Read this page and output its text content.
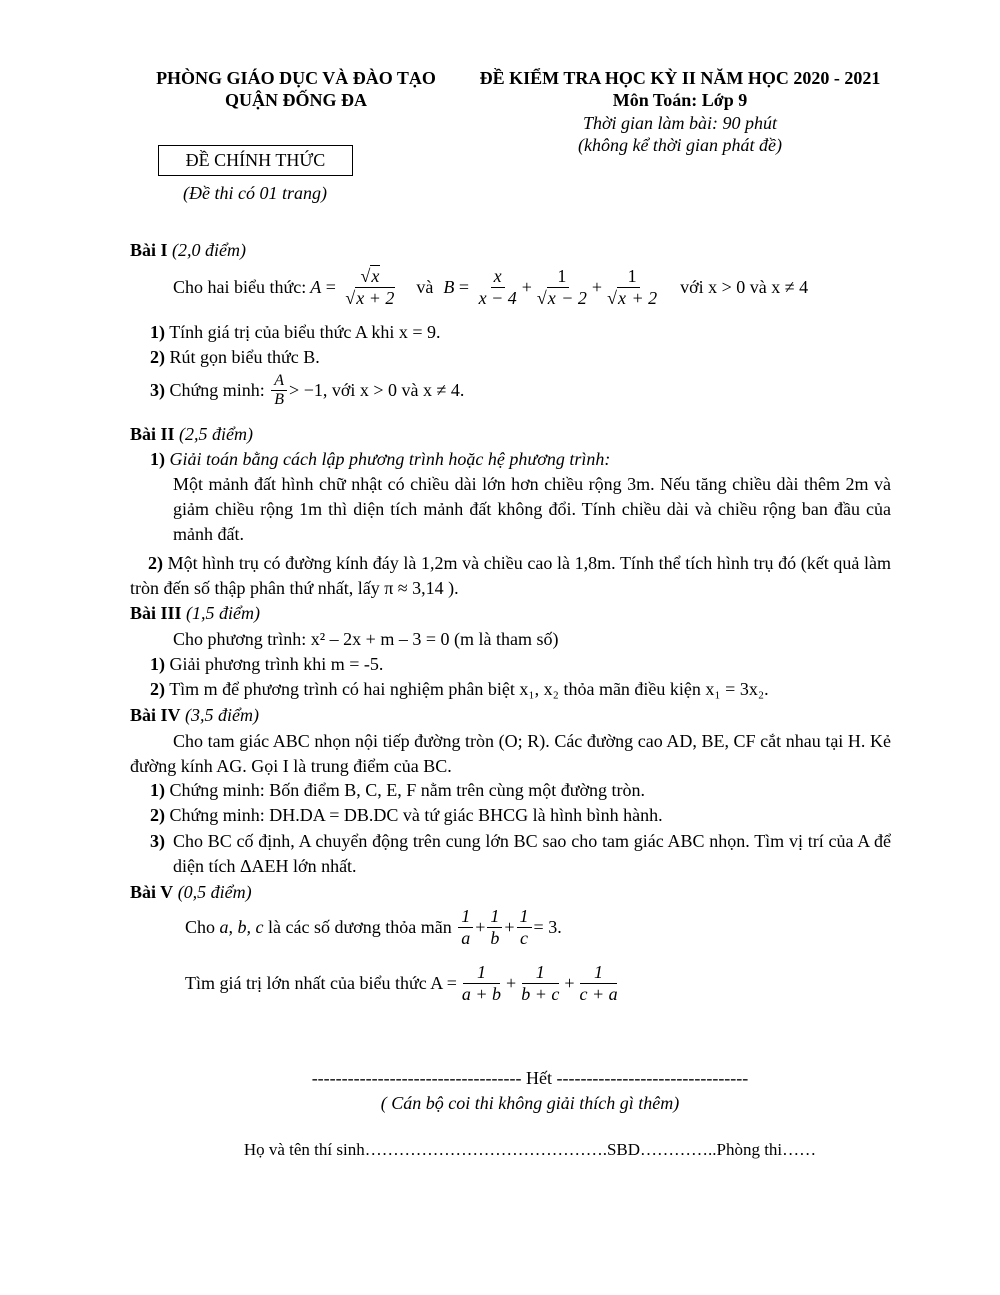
PHÒNG GIÁO DỤC VÀ ĐÀO TẠO
QUẬN ĐỐNG ĐA
ĐỀ KIỂM TRA HỌC KỲ II NĂM HỌC 2020 - 2021
Môn Toán: Lớp 9
Thời gian làm bài: 90 phút
(không kể thời gian phát đề)
ĐỀ CHÍNH THỨC
(Đề thi có 01 trang)
Bài I (2,0 điểm)
Cho hai biểu thức: $A = \frac{√x}{√x + 2}$ và $B = \frac{x}{x - 4} + \frac{1}{√x - 2} + \frac{1}{√x + 2}$ với x > 0 và x ≠ 4
1) Tính giá trị của biểu thức A khi x = 9.
2) Rút gọn biểu thức B.
3)
Chứng minh:
$\frac{A}{B} > -1$, với x > 0 và x ≠ 4.
Bài II (2,5 điểm)
1) Giải toán bằng cách lập phương trình hoặc hệ phương trình:
Một mảnh đất hình chữ nhật có chiều dài lớn hơn chiều rộng 3m. Nếu tăng chiều dài thêm 2m và giảm chiều rộng 1m thì diện tích mảnh đất không đổi. Tính chiều dài và chiều rộng ban đầu của mảnh đất.
2) Một hình trụ có đường kính đáy là 1,2m và chiều cao là 1,8m. Tính thể tích hình trụ đó (kết quả làm tròn đến số thập phân thứ nhất, lấy π ≈ 3,14 ).
Bài III (1,5 điểm)
Cho phương trình: x² – 2x + m – 3 = 0 (m là tham số)
1) Giải phương trình khi m = -5.
2) Tìm m để phương trình có hai nghiệm phân biệt x₁, x₂ thỏa mãn điều kiện x₁ = 3x₂.
Bài IV (3,5 điểm)
Cho tam giác ABC nhọn nội tiếp đường tròn (O; R). Các đường cao AD, BE, CF cắt nhau tại H. Kẻ đường kính AG. Gọi I là trung điểm của BC.
1) Chứng minh: Bốn điểm B, C, E, F nằm trên cùng một đường tròn.
2) Chứng minh: DH.DA = DB.DC và tứ giác BHCG là hình bình hành.
3) Cho BC cố định, A chuyển động trên cung lớn BC sao cho tam giác ABC nhọn. Tìm vị trí của A để diện tích ΔAEH lớn nhất.
Bài V (0,5 điểm)
Cho
a, b, c
là các số dương thỏa mãn
$\frac{1}{a} + \frac{1}{b} + \frac{1}{c} = 3$.
Tìm giá trị lớn nhất của biểu thức $A = \frac{1}{a + b} + \frac{1}{b + c} + \frac{1}{c + a}$
----------------------------------- Hết --------------------------------
( Cán bộ coi thi không giải thích gì thêm)
Họ và tên thí sinh…………………………………….SBD…………..Phòng thi……
